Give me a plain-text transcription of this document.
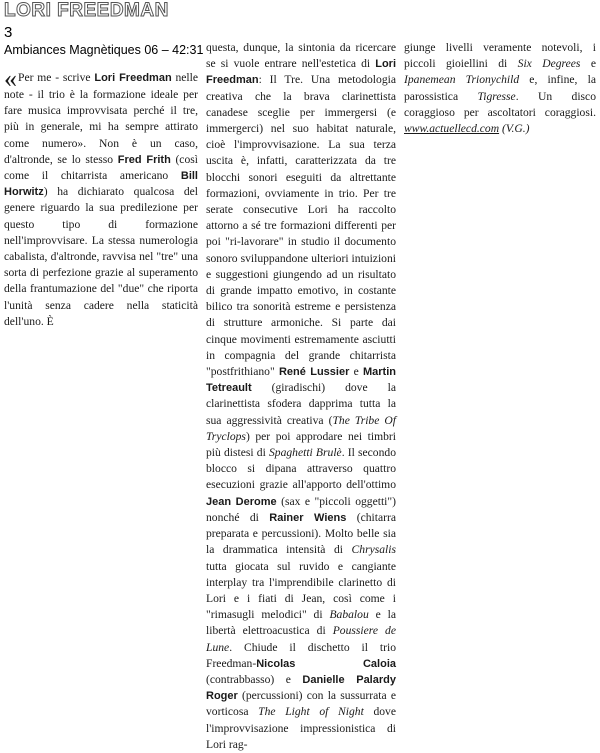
LORI FREEDMAN
3
Ambiances Magnètiques 06 – 42:31

«Per me - scrive Lori Freedman nelle note - il trio è la formazione ideale per fare musica improvvisata perché il tre, più in generale, mi ha sempre attirato come numero». Non è un caso, d'altronde, se lo stesso Fred Frith (così come il chitarrista americano Bill Horwitz) ha dichiarato qualcosa del genere riguardo la sua predilezione per questo tipo di formazione nell'improvvisare. La stessa numerologia cabalista, d'altronde, ravvisa nel "tre" una sorta di perfezione grazie al superamento della frantumazione del "due" che riporta l'unità senza cadere nella staticità dell'uno. È

questa, dunque, la sintonia da ricercare se si vuole entrare nell'estetica di Lori Freedman: Il Tre. Una metodologia creativa che la brava clarinettista canadese sceglie per immergersi (e immergerci) nel suo habitat naturale, cioè l'improvvisazione. La sua terza uscita è, infatti, caratterizzata da tre blocchi sonori eseguiti da altrettante formazioni, ovviamente in trio. Per tre serate consecutive Lori ha raccolto attorno a sé tre formazioni differenti per poi "ri-lavorare" in studio il documento sonoro sviluppandone ulteriori intuizioni e suggestioni giungendo ad un risultato di grande impatto emotivo, in costante bilico tra sonorità estreme e persistenza di strutture armoniche. Si parte dai cinque movimenti estremamente asciutti in compagnia del grande chitarrista "postfrithiano" René Lussier e Martin Tetreault (giradischi) dove la clarinettista sfodera dapprima tutta la sua aggressività creativa (The Tribe Of Tryclops) per poi approdare nei timbri più distesi di Spaghetti Brulè. Il secondo blocco si dipana attraverso quattro esecuzioni grazie all'apporto dell'ottimo Jean Derome (sax e "piccoli oggetti") nonché di Rainer Wiens (chitarra preparata e percussioni). Molto belle sia la drammatica intensità di Chrysalis tutta giocata sul ruvido e cangiante interplay tra l'imprendibile clarinetto di Lori e i fiati di Jean, così come i "rimasugli melodici" di Babalou e la libertà elettroacustica di Poussiere de Lune. Chiude il dischetto il trio Freedman-Nicolas Caloia (contrabbasso) e Danielle Palardy Roger (percussioni) con la sussurrata e vorticosa The Light of Night dove l'improvvisazione impressionistica di Lori rag-

giunge livelli veramente notevoli, i piccoli gioiellini di Six Degrees e Ipanemean Trionychild e, infine, la parossistica Tigresse. Un disco coraggioso per ascoltatori coraggiosi. www.actuellecd.com (V.G.)
